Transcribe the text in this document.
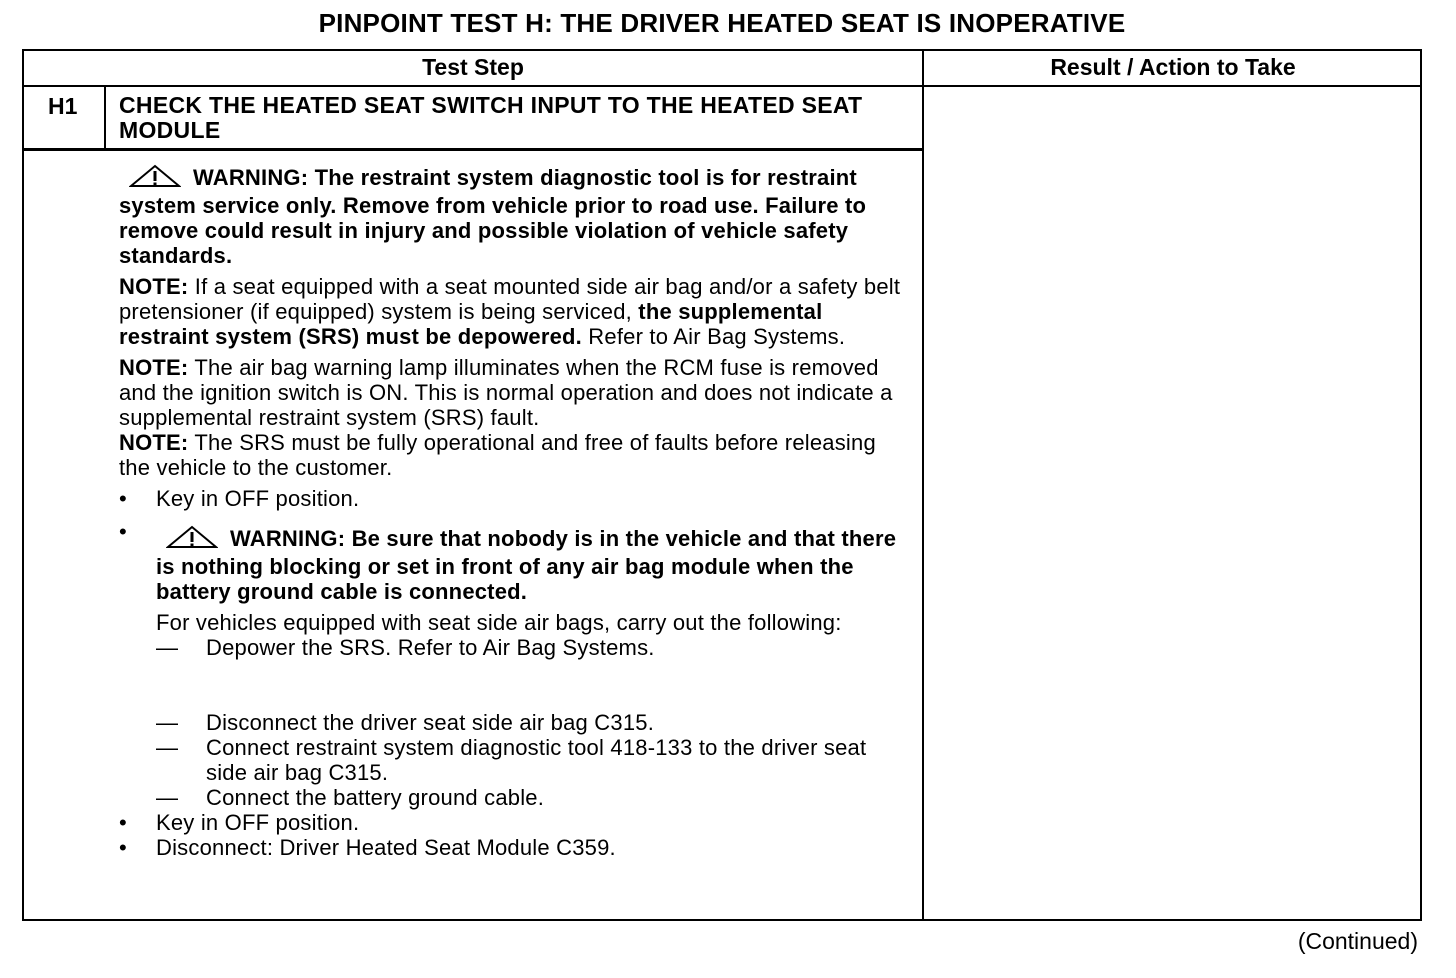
PINPOINT TEST H: THE DRIVER HEATED SEAT IS INOPERATIVE
Test Step	Result / Action to Take
H1 CHECK THE HEATED SEAT SWITCH INPUT TO THE HEATED SEAT MODULE

WARNING: The restraint system diagnostic tool is for restraint system service only. Remove from vehicle prior to road use. Failure to remove could result in injury and possible violation of vehicle safety standards.

NOTE: If a seat equipped with a seat mounted side air bag and/or a safety belt pretensioner (if equipped) system is being serviced, the supplemental restraint system (SRS) must be depowered. Refer to Air Bag Systems.

NOTE: The air bag warning lamp illuminates when the RCM fuse is removed and the ignition switch is ON. This is normal operation and does not indicate a supplemental restraint system (SRS) fault.

NOTE: The SRS must be fully operational and free of faults before releasing the vehicle to the customer.

• Key in OFF position.
•	WARNING: Be sure that nobody is in the vehicle and that there is nothing blocking or set in front of any air bag module when the battery ground cable is connected.

For vehicles equipped with seat side air bags, carry out the following:

— Depower the SRS. Refer to Air Bag Systems.
— Disconnect the driver seat side air bag C315.
— Connect restraint system diagnostic tool 418-133 to the driver seat side air bag C315.
— Connect the battery ground cable.
• Key in OFF position.
• Disconnect: Driver Heated Seat Module C359.
(Continued)
